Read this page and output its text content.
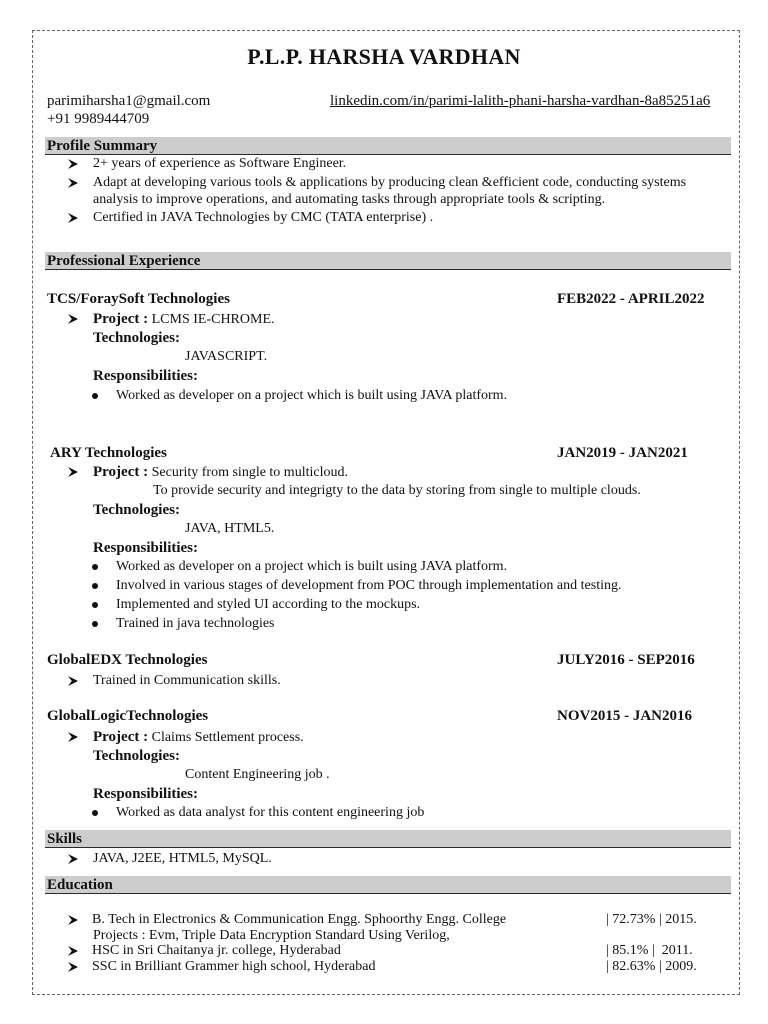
P.L.P. HARSHA VARDHAN
parimiharsha1@gmail.com	linkedin.com/in/parimi-lalith-phani-harsha-vardhan-8a85251a6
+91 9989444709
Profile Summary
2+ years of experience as Software Engineer.
Adapt at developing various tools & applications by producing clean &efficient code, conducting systems
analysis to improve operations, and automating tasks through appropriate tools & scripting.
Certified in JAVA Technologies by CMC (TATA enterprise) .
Professional Experience
TCS/ForaySoft Technologies	FEB2022 - APRIL2022
Project : LCMS IE-CHROME.
Technologies:
JAVASCRIPT.
Responsibilities:
Worked as developer on a project which is built using JAVA platform.
ARY Technologies	JAN2019 - JAN2021
Project : Security from single to multicloud.
To provide security and integrigty to the data by storing from single to multiple clouds.
Technologies:
JAVA, HTML5.
Responsibilities:
Worked as developer on a project which is built using JAVA platform.
Involved in various stages of development from POC through implementation and testing.
Implemented and styled UI according to the mockups.
Trained in java technologies
GlobalEDX Technologies	JULY2016 - SEP2016
Trained in Communication skills.
GlobalLogicTechnologies	NOV2015 - JAN2016
Project : Claims Settlement process.
Technologies:
Content Engineering job .
Responsibilities:
Worked as data analyst for this content engineering job
Skills
JAVA, J2EE, HTML5, MySQL.
Education
B. Tech in Electronics & Communication Engg. Sphoorthy Engg. College	| 72.73% | 2015.
Projects : Evm, Triple Data Encryption Standard Using Verilog,
HSC in Sri Chaitanya jr. college, Hyderabad	| 85.1% |  2011.
SSC in Brilliant Grammer high school, Hyderabad	| 82.63% | 2009.
